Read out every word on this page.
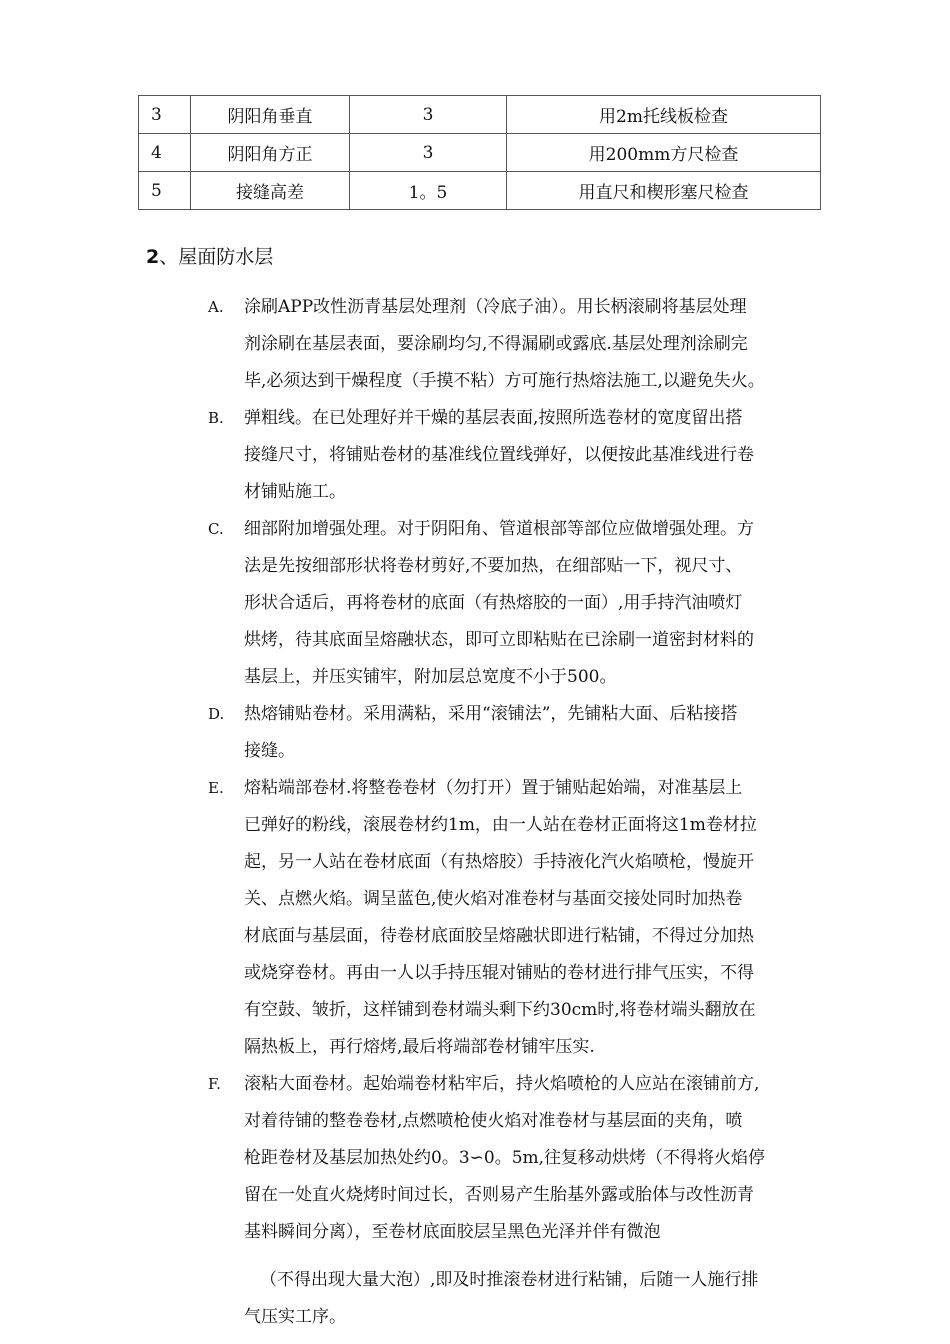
3	阴阳角垂直	3	用2m托线板检查
4	阴阳角方正	3	用200mm方尺检查
5	接缝高差	1。5	用直尺和楔形塞尺检查
2、屋面防水层
A.	涂刷APP改性沥青基层处理剂（冷底子油）。用长柄滚刷将基层处理
剂涂刷在基层表面，要涂刷均匀,不得漏刷或露底.基层处理剂涂刷完
毕,必须达到干燥程度（手摸不粘）方可施行热熔法施工,以避免失火。
B.	弹粗线。在已处理好并干燥的基层表面,按照所选卷材的宽度留出搭
接缝尺寸，将铺贴卷材的基准线位置线弹好，以便按此基准线进行卷
材铺贴施工。
C.	细部附加增强处理。对于阴阳角、管道根部等部位应做增强处理。方
法是先按细部形状将卷材剪好,不要加热，在细部贴一下，视尺寸、
形状合适后，再将卷材的底面（有热熔胶的一面）,用手持汽油喷灯
烘烤，待其底面呈熔融状态，即可立即粘贴在已涂刷一道密封材料的
基层上，并压实铺牢，附加层总宽度不小于500。
D.	热熔铺贴卷材。采用满粘，采用“滚铺法”，先铺粘大面、后粘接搭
接缝。
E.	熔粘端部卷材.将整卷卷材（勿打开）置于铺贴起始端，对准基层上
已弹好的粉线，滚展卷材约1m，由一人站在卷材正面将这1m卷材拉
起，另一人站在卷材底面（有热熔胶）手持液化汽火焰喷枪，慢旋开
关、点燃火焰。调呈蓝色,使火焰对准卷材与基面交接处同时加热卷
材底面与基层面，待卷材底面胶呈熔融状即进行粘铺，不得过分加热
或烧穿卷材。再由一人以手持压辊对铺贴的卷材进行排气压实，不得
有空鼓、皱折，这样铺到卷材端头剩下约30cm时,将卷材端头翻放在
隔热板上，再行熔烤,最后将端部卷材铺牢压实.
F.	滚粘大面卷材。起始端卷材粘牢后，持火焰喷枪的人应站在滚铺前方,
对着待铺的整卷卷材,点燃喷枪使火焰对准卷材与基层面的夹角，喷
枪距卷材及基层加热处约0。3∽0。5m,往复移动烘烤（不得将火焰停
留在一处直火烧烤时间过长，否则易产生胎基外露或胎体与改性沥青
基料瞬间分离），至卷材底面胶层呈黑色光泽并伴有微泡
（不得出现大量大泡）,即及时推滚卷材进行粘铺，后随一人施行排
气压实工序。
